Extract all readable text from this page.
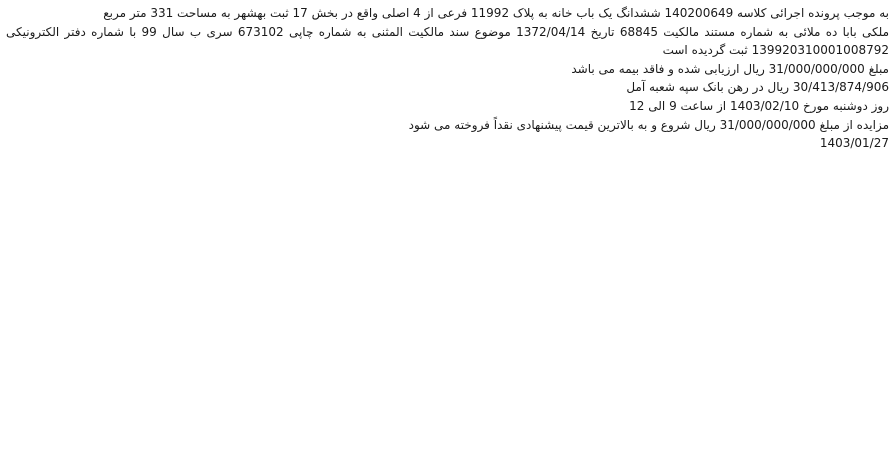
به موجب پرونده اجرائی کلاسه 140200649 ششدانگ یک باب خانه به پلاک 11992 فرعی از 4 اصلی واقع در بخش 17 ثبت بهشهر به مساحت 331 متر مربع
ملکی بابا ده ملائی به شماره مستند مالکیت 68845 تاریخ 1372/04/14 موضوع سند مالکیت المثنی به شماره چاپی 673102 سری ب سال 99 با شماره دفتر الکترونیکی 139920310001008792 ثبت گردیده است
مبلغ 31/000/000/000 ریال ارزیابی شده و فاقد بیمه می باشد
30/413/874/906 ریال در رهن بانک سپه شعبه آمل
روز دوشنبه مورخ 1403/02/10 از ساعت 9 الی 12
مزایده از مبلغ 31/000/000/000 ریال شروع و به بالاترین قیمت پیشنهادی نقداً فروخته می شود
1403/01/27
